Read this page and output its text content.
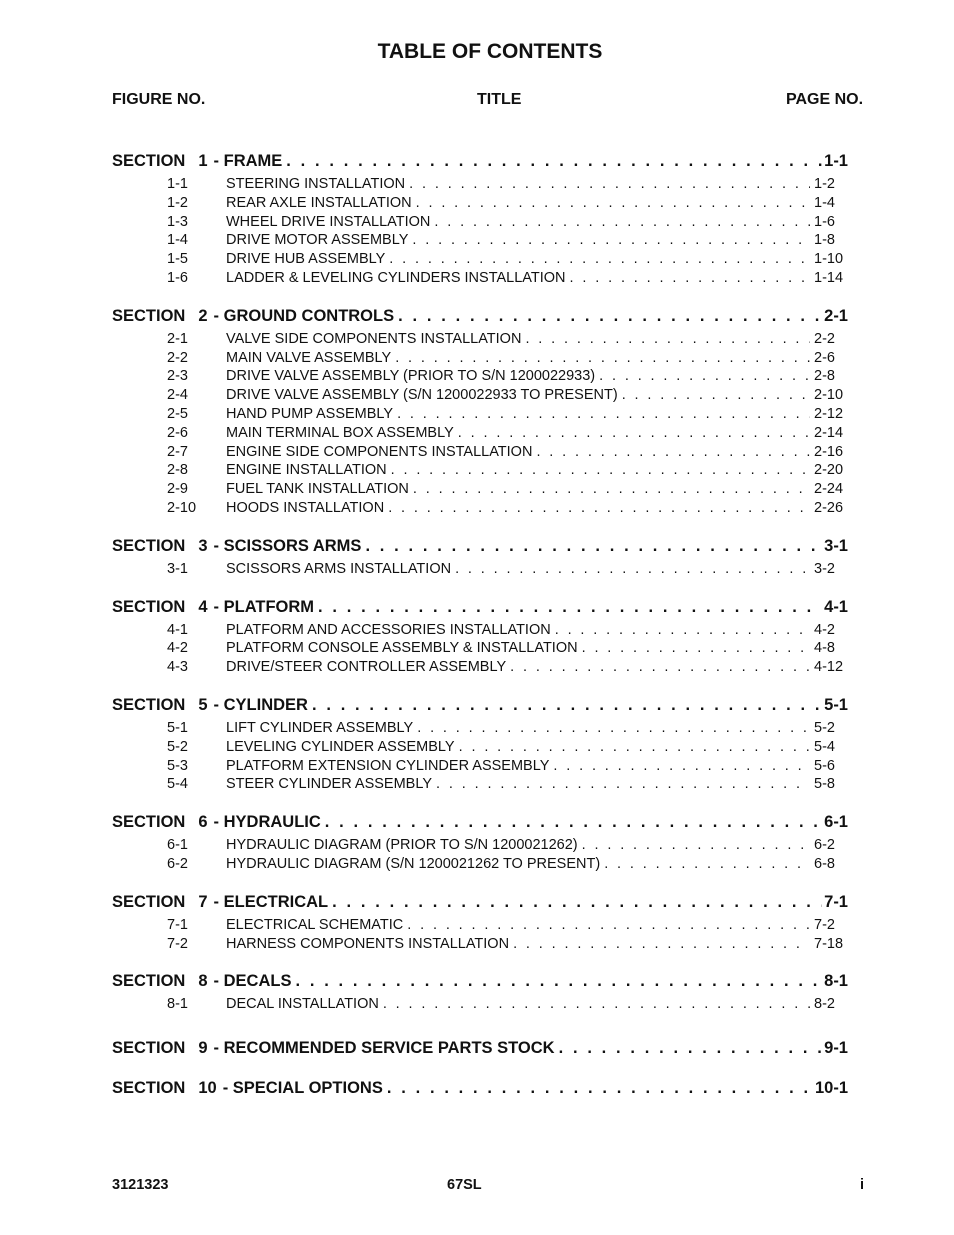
TABLE OF CONTENTS
FIGURE NO.	TITLE	PAGE NO.
SECTION 1 - FRAME . . .	1-1
1-1	STEERING INSTALLATION . . .	1-2
1-2	REAR AXLE INSTALLATION . . .	1-4
1-3	WHEEL DRIVE INSTALLATION . . .	1-6
1-4	DRIVE MOTOR ASSEMBLY . . .	1-8
1-5	DRIVE HUB ASSEMBLY . . .	1-10
1-6	LADDER & LEVELING CYLINDERS INSTALLATION . . .	1-14
SECTION 2 - GROUND CONTROLS . . .	2-1
2-1	VALVE SIDE COMPONENTS INSTALLATION . . .	2-2
2-2	MAIN VALVE ASSEMBLY . . .	2-6
2-3	DRIVE VALVE ASSEMBLY (PRIOR TO S/N 1200022933) . . .	2-8
2-4	DRIVE VALVE ASSEMBLY (S/N 1200022933 TO PRESENT) . . .	2-10
2-5	HAND PUMP ASSEMBLY . . .	2-12
2-6	MAIN TERMINAL BOX ASSEMBLY . . .	2-14
2-7	ENGINE SIDE COMPONENTS INSTALLATION . . .	2-16
2-8	ENGINE INSTALLATION . . .	2-20
2-9	FUEL TANK INSTALLATION . . .	2-24
2-10	HOODS INSTALLATION . . .	2-26
SECTION 3 - SCISSORS ARMS . . .	3-1
3-1	SCISSORS ARMS INSTALLATION . . .	3-2
SECTION 4 - PLATFORM . . .	4-1
4-1	PLATFORM AND ACCESSORIES INSTALLATION . . .	4-2
4-2	PLATFORM CONSOLE ASSEMBLY & INSTALLATION . . .	4-8
4-3	DRIVE/STEER CONTROLLER ASSEMBLY . . .	4-12
SECTION 5 - CYLINDER . . .	5-1
5-1	LIFT CYLINDER ASSEMBLY . . .	5-2
5-2	LEVELING CYLINDER ASSEMBLY . . .	5-4
5-3	PLATFORM EXTENSION CYLINDER ASSEMBLY . . .	5-6
5-4	STEER CYLINDER ASSEMBLY . . .	5-8
SECTION 6 - HYDRAULIC . . .	6-1
6-1	HYDRAULIC DIAGRAM (PRIOR TO S/N 1200021262) . . .	6-2
6-2	HYDRAULIC DIAGRAM (S/N 1200021262 TO PRESENT) . . .	6-8
SECTION 7 - ELECTRICAL . . .	7-1
7-1	ELECTRICAL SCHEMATIC . . .	7-2
7-2	HARNESS COMPONENTS INSTALLATION . . .	7-18
SECTION 8 - DECALS . . .	8-1
8-1	DECAL INSTALLATION . . .	8-2
SECTION 9 - RECOMMENDED SERVICE PARTS STOCK . . .	9-1
SECTION 10 - SPECIAL OPTIONS . . .	10-1
3121323	67SL	i
